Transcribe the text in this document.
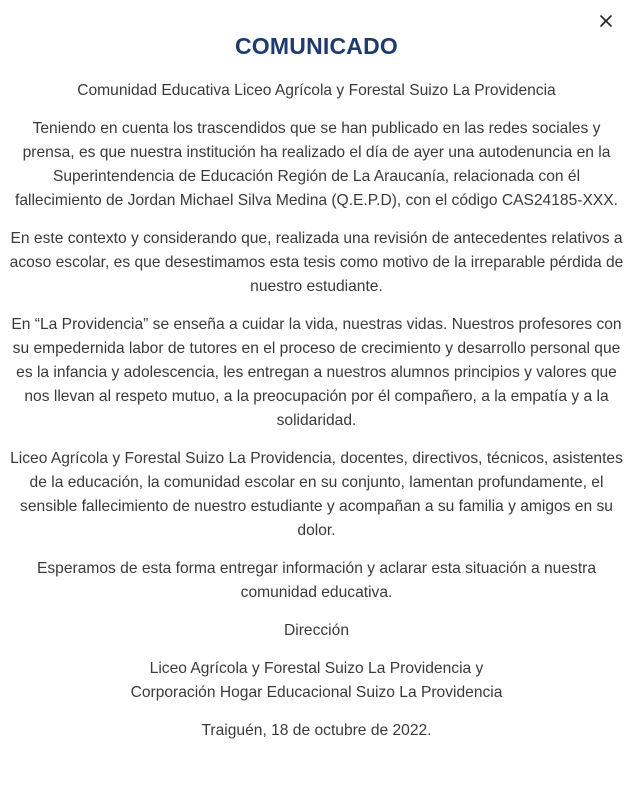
COMUNICADO

Comunidad Educativa Liceo Agrícola y Forestal Suizo La Providencia

Teniendo en cuenta los trascendidos que se han publicado en las redes sociales y prensa, es que nuestra institución ha realizado el día de ayer una autodenuncia en la Superintendencia de Educación Región de La Araucanía, relacionada con él fallecimiento de Jordan Michael Silva Medina (Q.E.P.D), con el código CAS24185-XXX.

En este contexto y considerando que, realizada una revisión de antecedentes relativos a acoso escolar, es que desestimamos esta tesis como motivo de la irreparable pérdida de nuestro estudiante.

En “La Providencia” se enseña a cuidar la vida, nuestras vidas. Nuestros profesores con su empedernida labor de tutores en el proceso de crecimiento y desarrollo personal que es la infancia y adolescencia, les entregan a nuestros alumnos principios y valores que nos llevan al respeto mutuo, a la preocupación por él compañero, a la empatía y a la solidaridad.

Liceo Agrícola y Forestal Suizo La Providencia, docentes, directivos, técnicos, asistentes de la educación, la comunidad escolar en su conjunto, lamentan profundamente, el sensible fallecimiento de nuestro estudiante y acompañan a su familia y amigos en su dolor.

Esperamos de esta forma entregar información y aclarar esta situación a nuestra comunidad educativa.

Dirección

Liceo Agrícola y Forestal Suizo La Providencia y
Corporación Hogar Educacional Suizo La Providencia

Traiguén, 18 de octubre de 2022.
